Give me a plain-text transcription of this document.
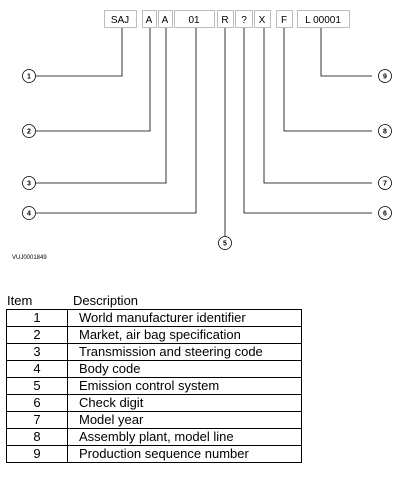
SAJ A A 01 R ? X F L 00001
1
2
3
4
5
6
7
8
9
VUJ0001849
Item	Description
1	World manufacturer identifier
2	Market, air bag specification
3	Transmission and steering code
4	Body code
5	Emission control system
6	Check digit
7	Model year
8	Assembly plant, model line
9	Production sequence number
